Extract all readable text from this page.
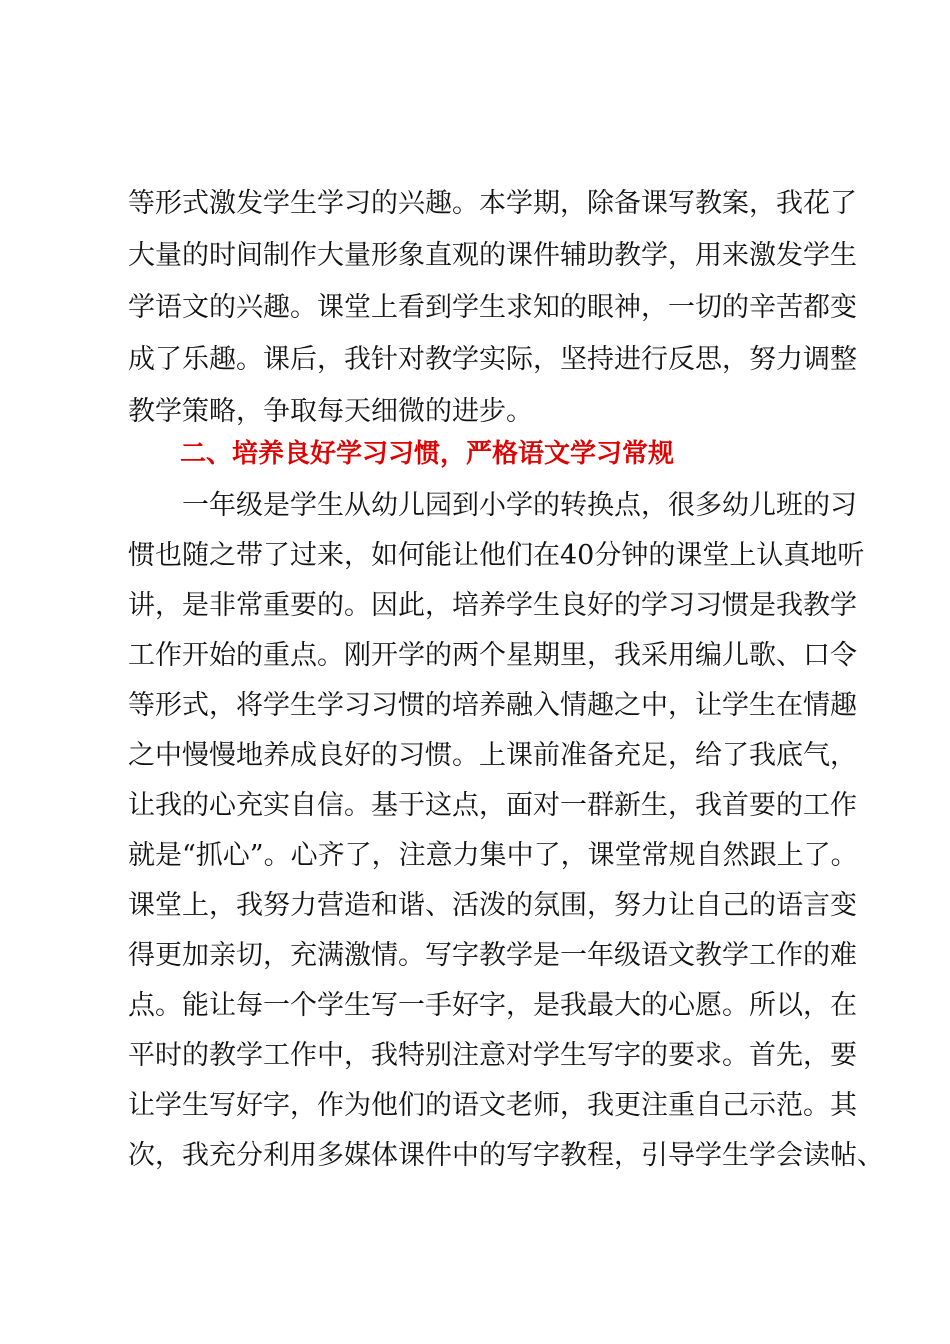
等形式激发学生学习的兴趣。本学期，除备课写教案，我花了
大量的时间制作大量形象直观的课件辅助教学，用来激发学生
学语文的兴趣。课堂上看到学生求知的眼神，一切的辛苦都变
成了乐趣。课后，我针对教学实际，坚持进行反思，努力调整
教学策略，争取每天细微的进步。
二、培养良好学习习惯，严格语文学习常规
一年级是学生从幼儿园到小学的转换点，很多幼儿班的习
惯也随之带了过来，如何能让他们在40分钟的课堂上认真地听
讲，是非常重要的。因此，培养学生良好的学习习惯是我教学
工作开始的重点。刚开学的两个星期里，我采用编儿歌、口令
等形式，将学生学习习惯的培养融入情趣之中，让学生在情趣
之中慢慢地养成良好的习惯。上课前准备充足，给了我底气，
让我的心充实自信。基于这点，面对一群新生，我首要的工作
就是“抓心”。心齐了，注意力集中了，课堂常规自然跟上了。
课堂上，我努力营造和谐、活泼的氛围，努力让自己的语言变
得更加亲切，充满激情。写字教学是一年级语文教学工作的难
点。能让每一个学生写一手好字，是我最大的心愿。所以，在
平时的教学工作中，我特别注意对学生写字的要求。首先，要
让学生写好字，作为他们的语文老师，我更注重自己示范。其
次，我充分利用多媒体课件中的写字教程，引导学生学会读帖、
